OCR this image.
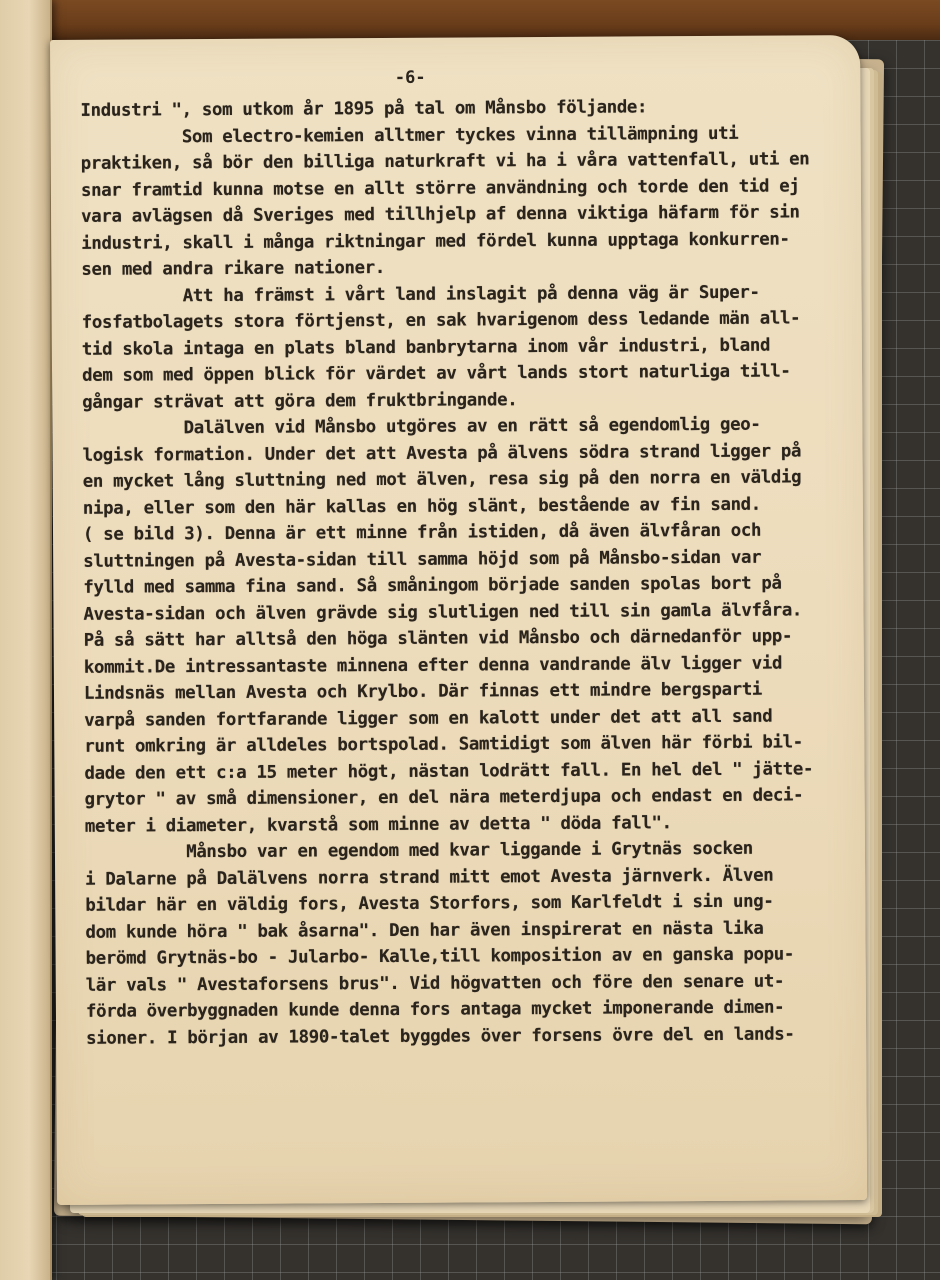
-6-
Industri ", som utkom år 1895 på tal om Månsbo följande:
Som electro-kemien alltmer tyckes vinna tillämpning uti
praktiken, så bör den billiga naturkraft vi ha i våra vattenfall, uti en
snar framtid kunna motse en allt större användning och torde den tid ej
vara avlägsen då Sveriges med tillhjelp af denna viktiga häfarm för sin
industri, skall i många riktningar med fördel kunna upptaga konkurren-
sen med andra rikare nationer.
Att ha främst i vårt land inslagit på denna väg är Super-
fosfatbolagets stora förtjenst, en sak hvarigenom dess ledande män all-
tid skola intaga en plats bland banbrytarna inom vår industri, bland
dem som med öppen blick för värdet av vårt lands stort naturliga till-
gångar strävat att göra dem fruktbringande.
Dalälven vid Månsbo utgöres av en rätt så egendomlig geo-
logisk formation. Under det att Avesta på älvens södra strand ligger på
en mycket lång sluttning ned mot älven, resa sig på den norra en väldig
nipa, eller som den här kallas en hög slänt, bestående av fin sand.
( se bild 3). Denna är ett minne från istiden, då även älvfåran och
sluttningen på Avesta-sidan till samma höjd som på Månsbo-sidan var
fylld med samma fina sand. Så småningom började sanden spolas bort på
Avesta-sidan och älven grävde sig slutligen ned till sin gamla älvfåra.
På så sätt har alltså den höga slänten vid Månsbo och därnedanför upp-
kommit.De intressantaste minnena efter denna vandrande älv ligger vid
Lindsnäs mellan Avesta och Krylbo. Där finnas ett mindre bergsparti
varpå sanden fortfarande ligger som en kalott under det att all sand
runt omkring är alldeles bortspolad. Samtidigt som älven här förbi bil-
dade den ett c:a 15 meter högt, nästan lodrätt fall. En hel del " jätte-
grytor " av små dimensioner, en del nära meterdjupa och endast en deci-
meter i diameter, kvarstå som minne av detta " döda fall".
Månsbo var en egendom med kvar liggande i Grytnäs socken
i Dalarne på Dalälvens norra strand mitt emot Avesta järnverk. Älven
bildar här en väldig fors, Avesta Storfors, som Karlfeldt i sin ung-
dom kunde höra " bak åsarna". Den har även inspirerat en nästa lika
berömd Grytnäs-bo - Jularbo- Kalle,till komposition av en ganska popu-
lär vals " Avestaforsens brus". Vid högvatten och före den senare ut-
förda överbyggnaden kunde denna fors antaga mycket imponerande dimen-
sioner. I början av 1890-talet byggdes över forsens övre del en lands-
